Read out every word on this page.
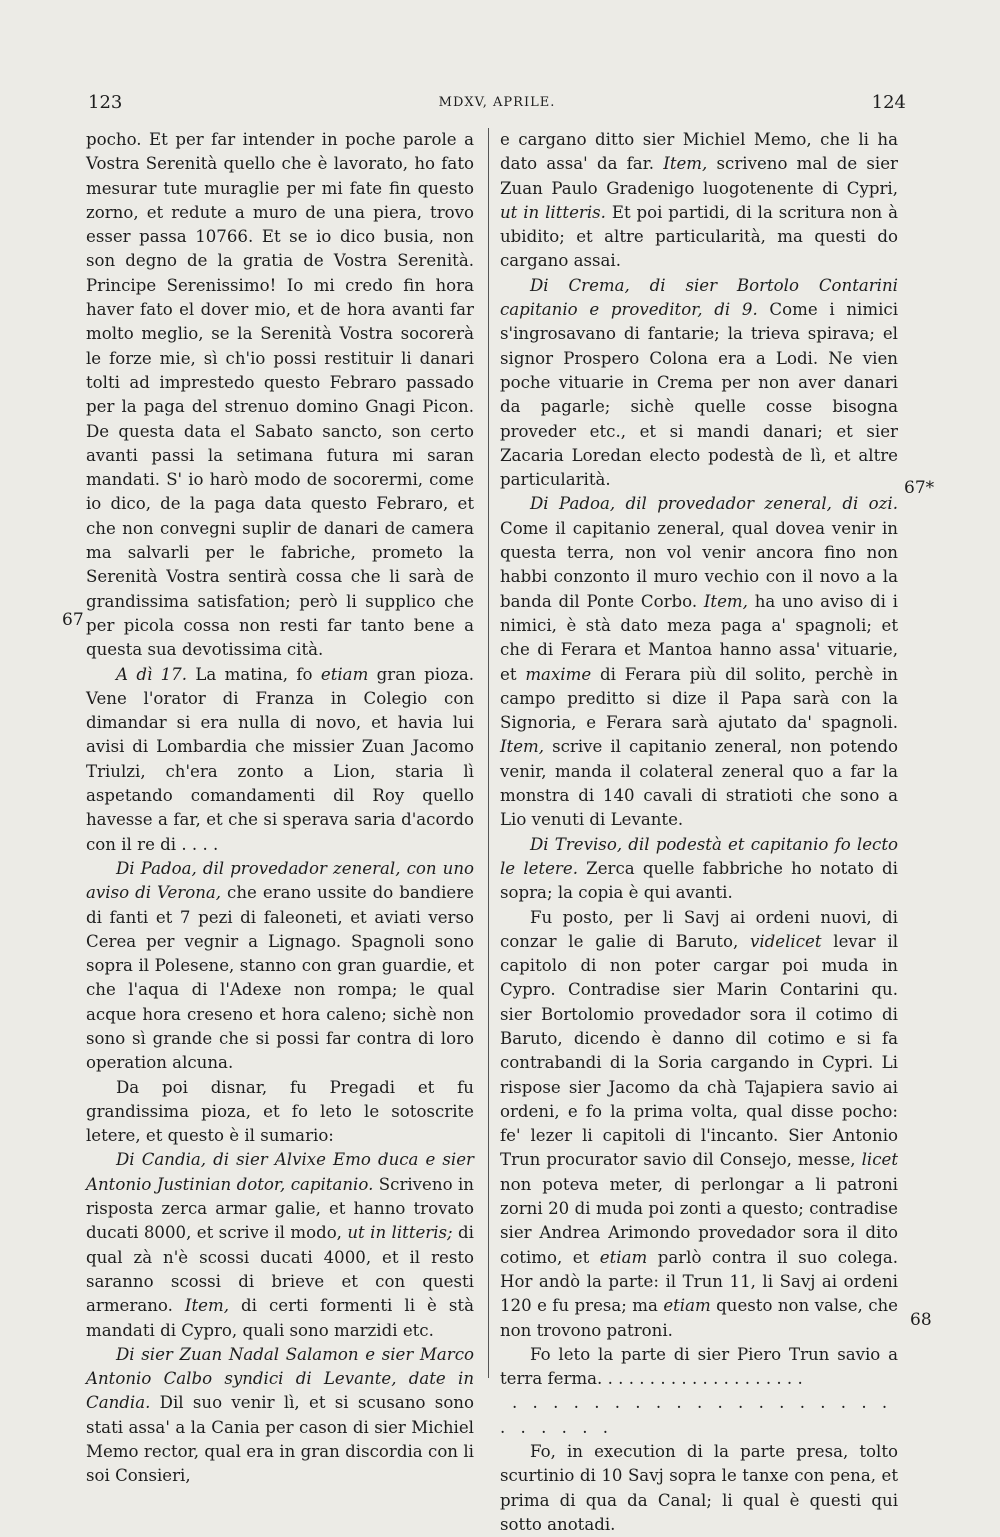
123	MDXV, APRILE.	124

pocho. Et per far intender in poche parole a Vostra Serenità quello che è lavorato, ho fato mesurar tute muraglie per mi fate fin questo zorno, et redute a muro de una piera, trovo esser passa 10766. Et se io dico busia, non son degno de la gratia de Vostra Serenità. Principe Serenissimo! Io mi credo fin hora haver fato el dover mio, et de hora avanti far molto meglio, se la Serenità Vostra socorerà le forze mie, sì ch'io possi restituir li danari tolti ad imprestedo questo Febraro passado per la paga del strenuo domino Gnagi Picon. De questa data el Sabato sancto, son certo avanti passi la setimana futura mi saran mandati. S' io harò modo de socorermi, come io dico, de la paga data questo Febraro, et che non convegni suplir de danari de camera ma salvarli per le fabriche, prometo la Serenità Vostra sentirà cossa che li sarà de grandissima satisfation; però li supplico che per picola cossa non resti far tanto bene a questa sua devotissima cità.

A dì 17. La matina, fo etiam gran pioza. Vene l'orator di Franza in Colegio con dimandar si era nulla di novo, et havia lui avisi di Lombardia che missier Zuan Jacomo Triulzi, ch'era zonto a Lion, staria lì aspetando comandamenti dil Roy quello havesse a far, et che si sperava saria d'acordo con il re di . . . .

Di Padoa, dil provedador zeneral, con uno aviso di Verona, che erano ussite do bandiere di fanti et 7 pezi di faleoneti, et aviati verso Cerea per vegnir a Lignago. Spagnoli sono sopra il Polesene, stanno con gran guardie, et che l'aqua di l'Adexe non rompa; le qual acque hora creseno et hora caleno; sichè non sono sì grande che si possi far contra di loro operation alcuna.

Da poi disnar, fu Pregadi et fu grandissima pioza, et fo leto le sotoscrite letere, et questo è il sumario:

Di Candia, di sier Alvixe Emo duca e sier Antonio Justinian dotor, capitanio. Scriveno in risposta zerca armar galie, et hanno trovato ducati 8000, et scrive il modo, ut in litteris; di qual zà n'è scossi ducati 4000, et il resto saranno scossi di brieve et con questi armerano. Item, di certi formenti li è stà mandati di Cypro, quali sono marzidi etc.

Di sier Zuan Nadal Salamon e sier Marco Antonio Calbo syndici di Levante, date in Candia. Dil suo venir lì, et si scusano sono stati assa' a la Cania per cason di sier Michiel Memo rector, qual era in gran discordia con li soi Consieri,

e cargano ditto sier Michiel Memo, che li ha dato assa' da far. Item, scriveno mal de sier Zuan Paulo Gradenigo luogotenente di Cypri, ut in litteris. Et poi partidi, di la scritura non à ubidito; et altre particularità, ma questi do cargano assai.

Di Crema, di sier Bortolo Contarini capitanio e proveditor, di 9. Come i nimici s'ingrosavano di fantarie; la trieva spirava; el signor Prospero Colona era a Lodi. Ne vien poche vituarie in Crema per non aver danari da pagarle; sichè quelle cosse bisogna proveder etc., et si mandi danari; et sier Zacaria Loredan electo podestà de lì, et altre particularità.

Di Padoa, dil provedador zeneral, di ozi. Come il capitanio zeneral, qual dovea venir in questa terra, non vol venir ancora fino non habbi conzonto il muro vechio con il novo a la banda dil Ponte Corbo. Item, ha uno aviso di i nimici, è stà dato meza paga a' spagnoli; et che di Ferara et Mantoa hanno assa' vituarie, et maxime di Ferara più dil solito, perchè in campo preditto si dize il Papa sarà con la Signoria, e Ferara sarà ajutato da' spagnoli. Item, scrive il capitanio zeneral, non potendo venir, manda il colateral zeneral quo a far la monstra di 140 cavali di stratioti che sono a Lio venuti di Levante.

Di Treviso, dil podestà et capitanio fo lecto le letere. Zerca quelle fabbriche ho notato di sopra; la copia è qui avanti.

Fu posto, per li Savj ai ordeni nuovi, di conzar le galie di Baruto, videlicet levar il capitolo di non poter cargar poi muda in Cypro. Contradise sier Marin Contarini qu. sier Bortolomio provedador sora il cotimo di Baruto, dicendo è danno dil cotimo e si fa contrabandi di la Soria cargando in Cypri. Li rispose sier Jacomo da chà Tajapiera savio ai ordeni, e fo la prima volta, qual disse pocho: fe' lezer li capitoli di l'incanto. Sier Antonio Trun procurator savio dil Consejo, messe, licet non poteva meter, di perlongar a li patroni zorni 20 di muda poi zonti a questo; contradise sier Andrea Arimondo provedador sora il dito cotimo, et etiam parlò contra il suo colega. Hor andò la parte: il Trun 11, li Savj ai ordeni 120 e fu presa; ma etiam questo non valse, che non trovono patroni.

Fo leto la parte di sier Piero Trun savio a terra ferma. . . . . . . . . . . . . . . . . . . .

. . . . . . . . . . . . . . . . . . . . . . . . .

Fo, in execution di la parte presa, tolto scurtinio di 10 Savj sopra le tanxe con pena, et prima di qua da Canal; li qual è questi qui sotto anotadi.

67
67*
68
